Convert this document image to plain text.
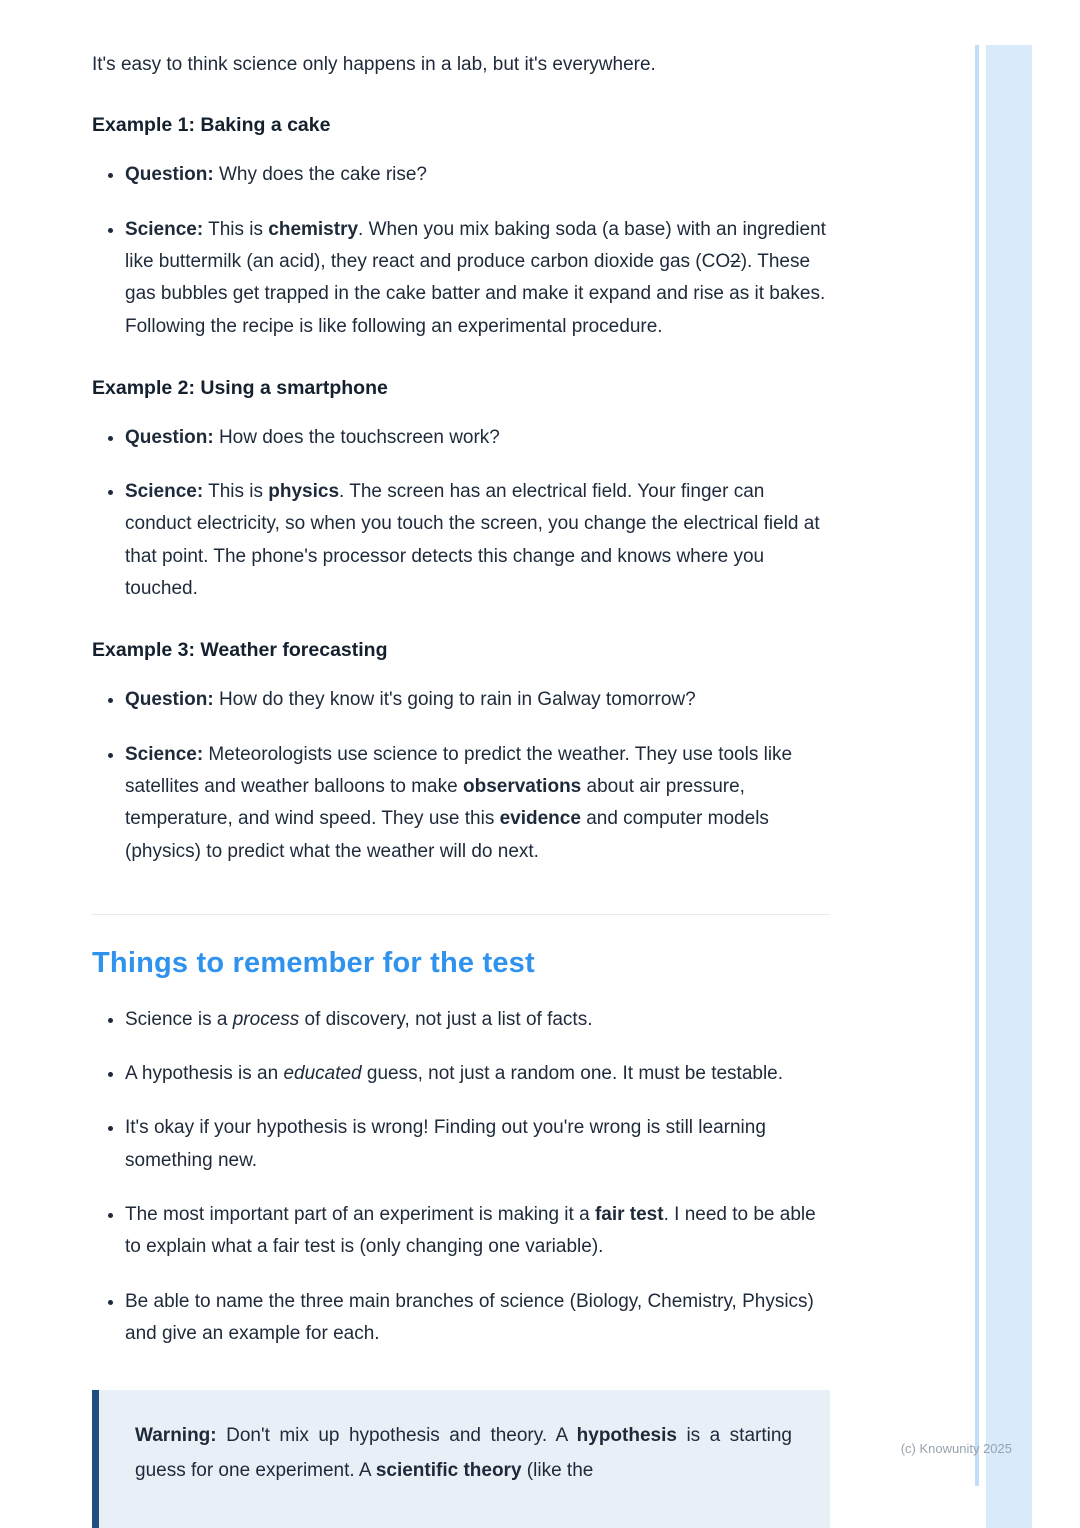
It's easy to think science only happens in a lab, but it's everywhere.

Example 1: Baking a cake
• Question: Why does the cake rise?
• Science: This is chemistry. When you mix baking soda (a base) with an ingredient like buttermilk (an acid), they react and produce carbon dioxide gas (CO2). These gas bubbles get trapped in the cake batter and make it expand and rise as it bakes. Following the recipe is like following an experimental procedure.
Example 2: Using a smartphone
• Question: How does the touchscreen work?
• Science: This is physics. The screen has an electrical field. Your finger can conduct electricity, so when you touch the screen, you change the electrical field at that point. The phone's processor detects this change and knows where you touched.
Example 3: Weather forecasting
• Question: How do they know it's going to rain in Galway tomorrow?
• Science: Meteorologists use science to predict the weather. They use tools like satellites and weather balloons to make observations about air pressure, temperature, and wind speed. They use this evidence and computer models (physics) to predict what the weather will do next.
Things to remember for the test
• Science is a process of discovery, not just a list of facts.
• A hypothesis is an educated guess, not just a random one. It must be testable.
• It's okay if your hypothesis is wrong! Finding out you're wrong is still learning something new.
• The most important part of an experiment is making it a fair test. I need to be able to explain what a fair test is (only changing one variable).
• Be able to name the three main branches of science (Biology, Chemistry, Physics) and give an example for each.

Warning: Don't mix up hypothesis and theory. A hypothesis is a starting guess for one experiment. A scientific theory (like the

(c) Knowunity 2025
